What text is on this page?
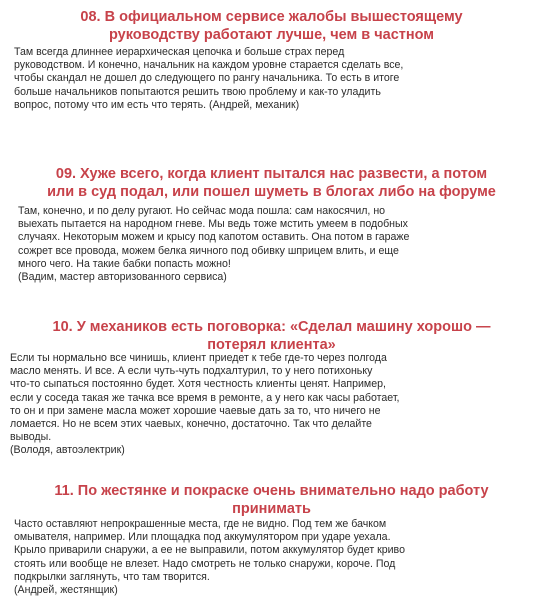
08. В официальном сервисе жалобы вышестоящему
руководству работают лучше, чем в частном
Там всегда длиннее иерархическая цепочка и больше страх перед
руководством. И конечно, начальник на каждом уровне старается сделать все,
чтобы скандал не дошел до следующего по рангу начальника. То есть в итоге
больше начальников попытаются решить твою проблему и как-то уладить
вопрос, потому что им есть что терять. (Андрей, механик)
09. Хуже всего, когда клиент пытался нас развести, а потом
или в суд подал, или пошел шуметь в блогах либо на форуме
Там, конечно, и по делу ругают. Но сейчас мода пошла: сам накосячил, но
выехать пытается на народном гневе. Мы ведь тоже мстить умеем в подобных
случаях. Некоторым можем и крысу под капотом оставить. Она потом в гараже
сожрет все провода, можем белка яичного под обивку шприцем влить, и еще
много чего. На такие бабки попасть можно!
(Вадим, мастер авторизованного сервиса)
10. У механиков есть поговорка: «Сделал машину хорошо —
потерял клиента»
Если ты нормально все чинишь, клиент приедет к тебе где-то через полгода
масло менять. И все. А если чуть-чуть подхалтурил, то у него потихоньку
что-то сыпаться постоянно будет. Хотя честность клиенты ценят. Например,
если у соседа такая же тачка все время в ремонте, а у него как часы работает,
то он и при замене масла может хорошие чаевые дать за то, что ничего не
ломается. Но не всем этих чаевых, конечно, достаточно. Так что делайте
выводы.
(Володя, автоэлектрик)
11. По жестянке и покраске очень внимательно надо работу
принимать
Часто оставляют непрокрашенные места, где не видно. Под тем же бачком
омывателя, например. Или площадка под аккумулятором при ударе уехала.
Крыло приварили снаружи, а ее не выправили, потом аккумулятор будет криво
стоять или вообще не влезет. Надо смотреть не только снаружи, короче. Под
подкрылки заглянуть, что там творится.
(Андрей, жестянщик)
